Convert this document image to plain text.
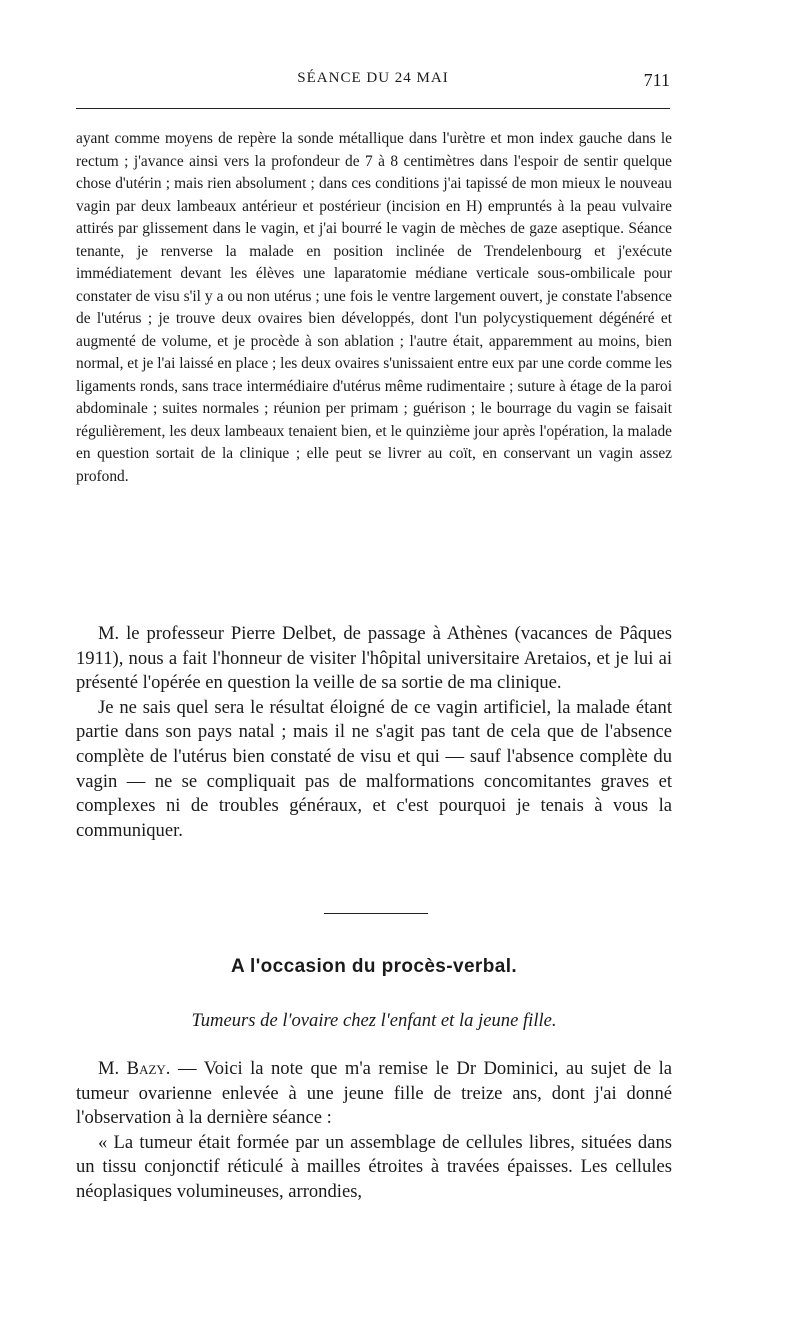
SÉANCE DU 24 MAI	711

ayant comme moyens de repère la sonde métallique dans l'urètre et mon index gauche dans le rectum ; j'avance ainsi vers la profondeur de 7 à 8 centimètres dans l'espoir de sentir quelque chose d'utérin ; mais rien absolument ; dans ces conditions j'ai tapissé de mon mieux le nouveau vagin par deux lambeaux antérieur et postérieur (incision en H) empruntés à la peau vulvaire attirés par glissement dans le vagin, et j'ai bourré le vagin de mèches de gaze aseptique. Séance tenante, je renverse la malade en position inclinée de Trendelenbourg et j'exécute immédiatement devant les élèves une laparatomie médiane verticale sous-ombilicale pour constater de visu s'il y a ou non utérus ; une fois le ventre largement ouvert, je constate l'absence de l'utérus ; je trouve deux ovaires bien développés, dont l'un polycystiquement dégénéré et augmenté de volume, et je procède à son ablation ; l'autre était, apparemment au moins, bien normal, et je l'ai laissé en place ; les deux ovaires s'unissaient entre eux par une corde comme les ligaments ronds, sans trace intermédiaire d'utérus même rudimentaire ; suture à étage de la paroi abdominale ; suites normales ; réunion per primam ; guérison ; le bourrage du vagin se faisait régulièrement, les deux lambeaux tenaient bien, et le quinzième jour après l'opération, la malade en question sortait de la clinique ; elle peut se livrer au coït, en conservant un vagin assez profond.

M. le professeur Pierre Delbet, de passage à Athènes (vacances de Pâques 1911), nous a fait l'honneur de visiter l'hôpital universitaire Aretaios, et je lui ai présenté l'opérée en question la veille de sa sortie de ma clinique.

Je ne sais quel sera le résultat éloigné de ce vagin artificiel, la malade étant partie dans son pays natal ; mais il ne s'agit pas tant de cela que de l'absence complète de l'utérus bien constaté de visu et qui — sauf l'absence complète du vagin — ne se compliquait pas de malformations concomitantes graves et complexes ni de troubles généraux, et c'est pourquoi je tenais à vous la communiquer.

A l'occasion du procès-verbal.
Tumeurs de l'ovaire chez l'enfant et la jeune fille.

M. Bazy. — Voici la note que m'a remise le Dr Dominici, au sujet de la tumeur ovarienne enlevée à une jeune fille de treize ans, dont j'ai donné l'observation à la dernière séance :

« La tumeur était formée par un assemblage de cellules libres, situées dans un tissu conjonctif réticulé à mailles étroites à travées épaisses. Les cellules néoplasiques volumineuses, arrondies,
